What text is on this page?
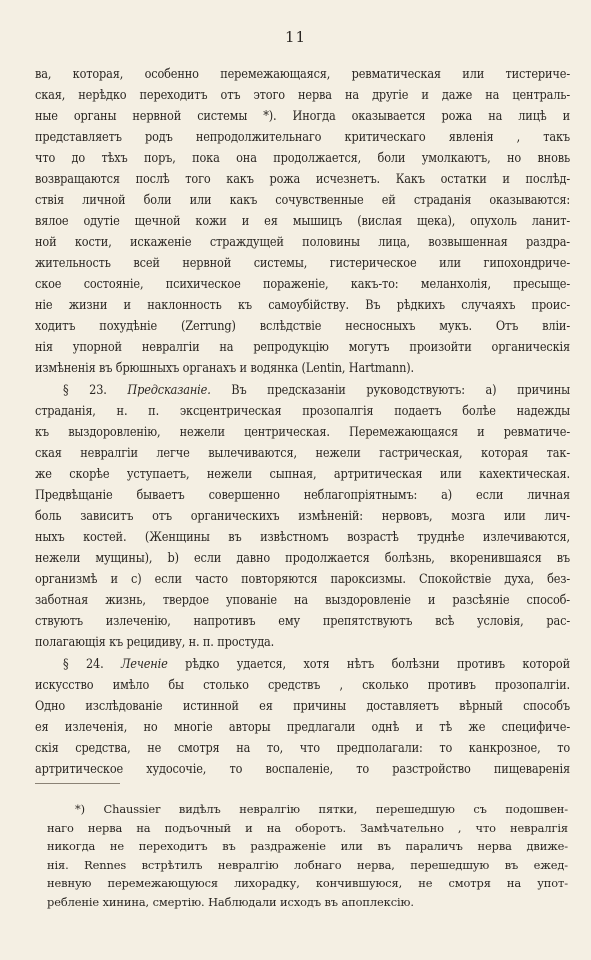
11
ва, которая, особенно перемежающаяся, ревматическая или тистериче-
ская, нерѣдко переходитъ отъ этого нерва на другіе и даже на централь-
ные органы нервной системы *). Иногда оказывается рожа на лицѣ и
представляетъ родъ непродолжительнаго критическаго явленія , такъ
что до тѣхъ поръ, пока она продолжается, боли умолкаютъ, но вновь
возвращаются послѣ того какъ рожа исчезнетъ. Какъ остатки и послѣд-
ствія личной боли или какъ сочувственные ей страданія оказываются:
вялое одутіе щечной кожи и ея мышицъ (вислая щека), опухоль ланит-
ной кости, искаженіе страждущей половины лица, возвышенная раздра-
жительность всей нервной системы, гистерическое или гипохондриче-
ское состояніе, психическое пораженіе, какъ-то: меланхолія, пресыще-
ніе жизни и наклонность къ самоубійству. Въ рѣдкихъ случаяхъ проис-
ходитъ похудѣніе (Zerrung) вслѣдствіе несносныхъ мукъ. Отъ вліи-
нія упорной невралгіи на репродукцію могутъ произойти органическія
измѣненія въ брюшныхъ органахъ и водянка (Lentin, Hartmann).
§ 23. Предсказаніе. Въ предсказаніи руководствуютъ: а) причины
страданія, н. п. эксцентрическая прозопалгія подаетъ болѣе надежды
къ выздоровленію, нежели центрическая. Перемежающаяся и ревматиче-
ская невралгіи легче вылечиваются, нежели гастрическая, которая так-
же скорѣе уступаетъ, нежели сыпная, артритическая или кахектическая.
Предвѣщаніе бываетъ совершенно неблагопріятнымъ: а) если личная
боль зависитъ отъ органическихъ измѣненій: нервовъ, мозга или лич-
ныхъ костей. (Женщины въ извѣстномъ возрастѣ труднѣе излечиваются,
нежели мущины), b) если давно продолжается болѣзнь, вкоренившаяся въ
организмѣ и с) если часто повторяются пароксизмы. Спокойствіе духа, без-
заботная жизнь, твердое упованіе на выздоровленіе и разсѣяніе способ-
ствуютъ излеченію, напротивъ ему препятствуютъ всѣ условія, рас-
полагающія къ рецидиву, н. п. простуда.
§ 24. Леченіе рѣдко удается, хотя нѣтъ болѣзни противъ которой
искусство имѣло бы столько средствъ , сколько противъ прозопалгіи.
Одно изслѣдованіе истинной ея причины доставляетъ вѣрный способъ
ея излеченія, но многіе авторы предлагали однѣ и тѣ же специфиче-
скія средства, не смотря на то, что предполагали: то канкрозное, то
артритическое худосочіе, то воспаленіе, то разстройство пищеваренія
*) Chaussier видѣлъ невралгію пятки, перешедшую съ подошвен-
наго нерва на подъочный и на оборотъ. Замѣчательно , что невралгія
никогда не переходитъ въ раздраженіе или въ параличъ нерва движе-
нія. Rennes встрѣтилъ невралгію лобнаго нерва, перешедшую въ ежед-
невную перемежающуюся лихорадку, кончившуюся, не смотря на упот-
ребленіе хинина, смертію. Наблюдали исходъ въ апоплексію.
